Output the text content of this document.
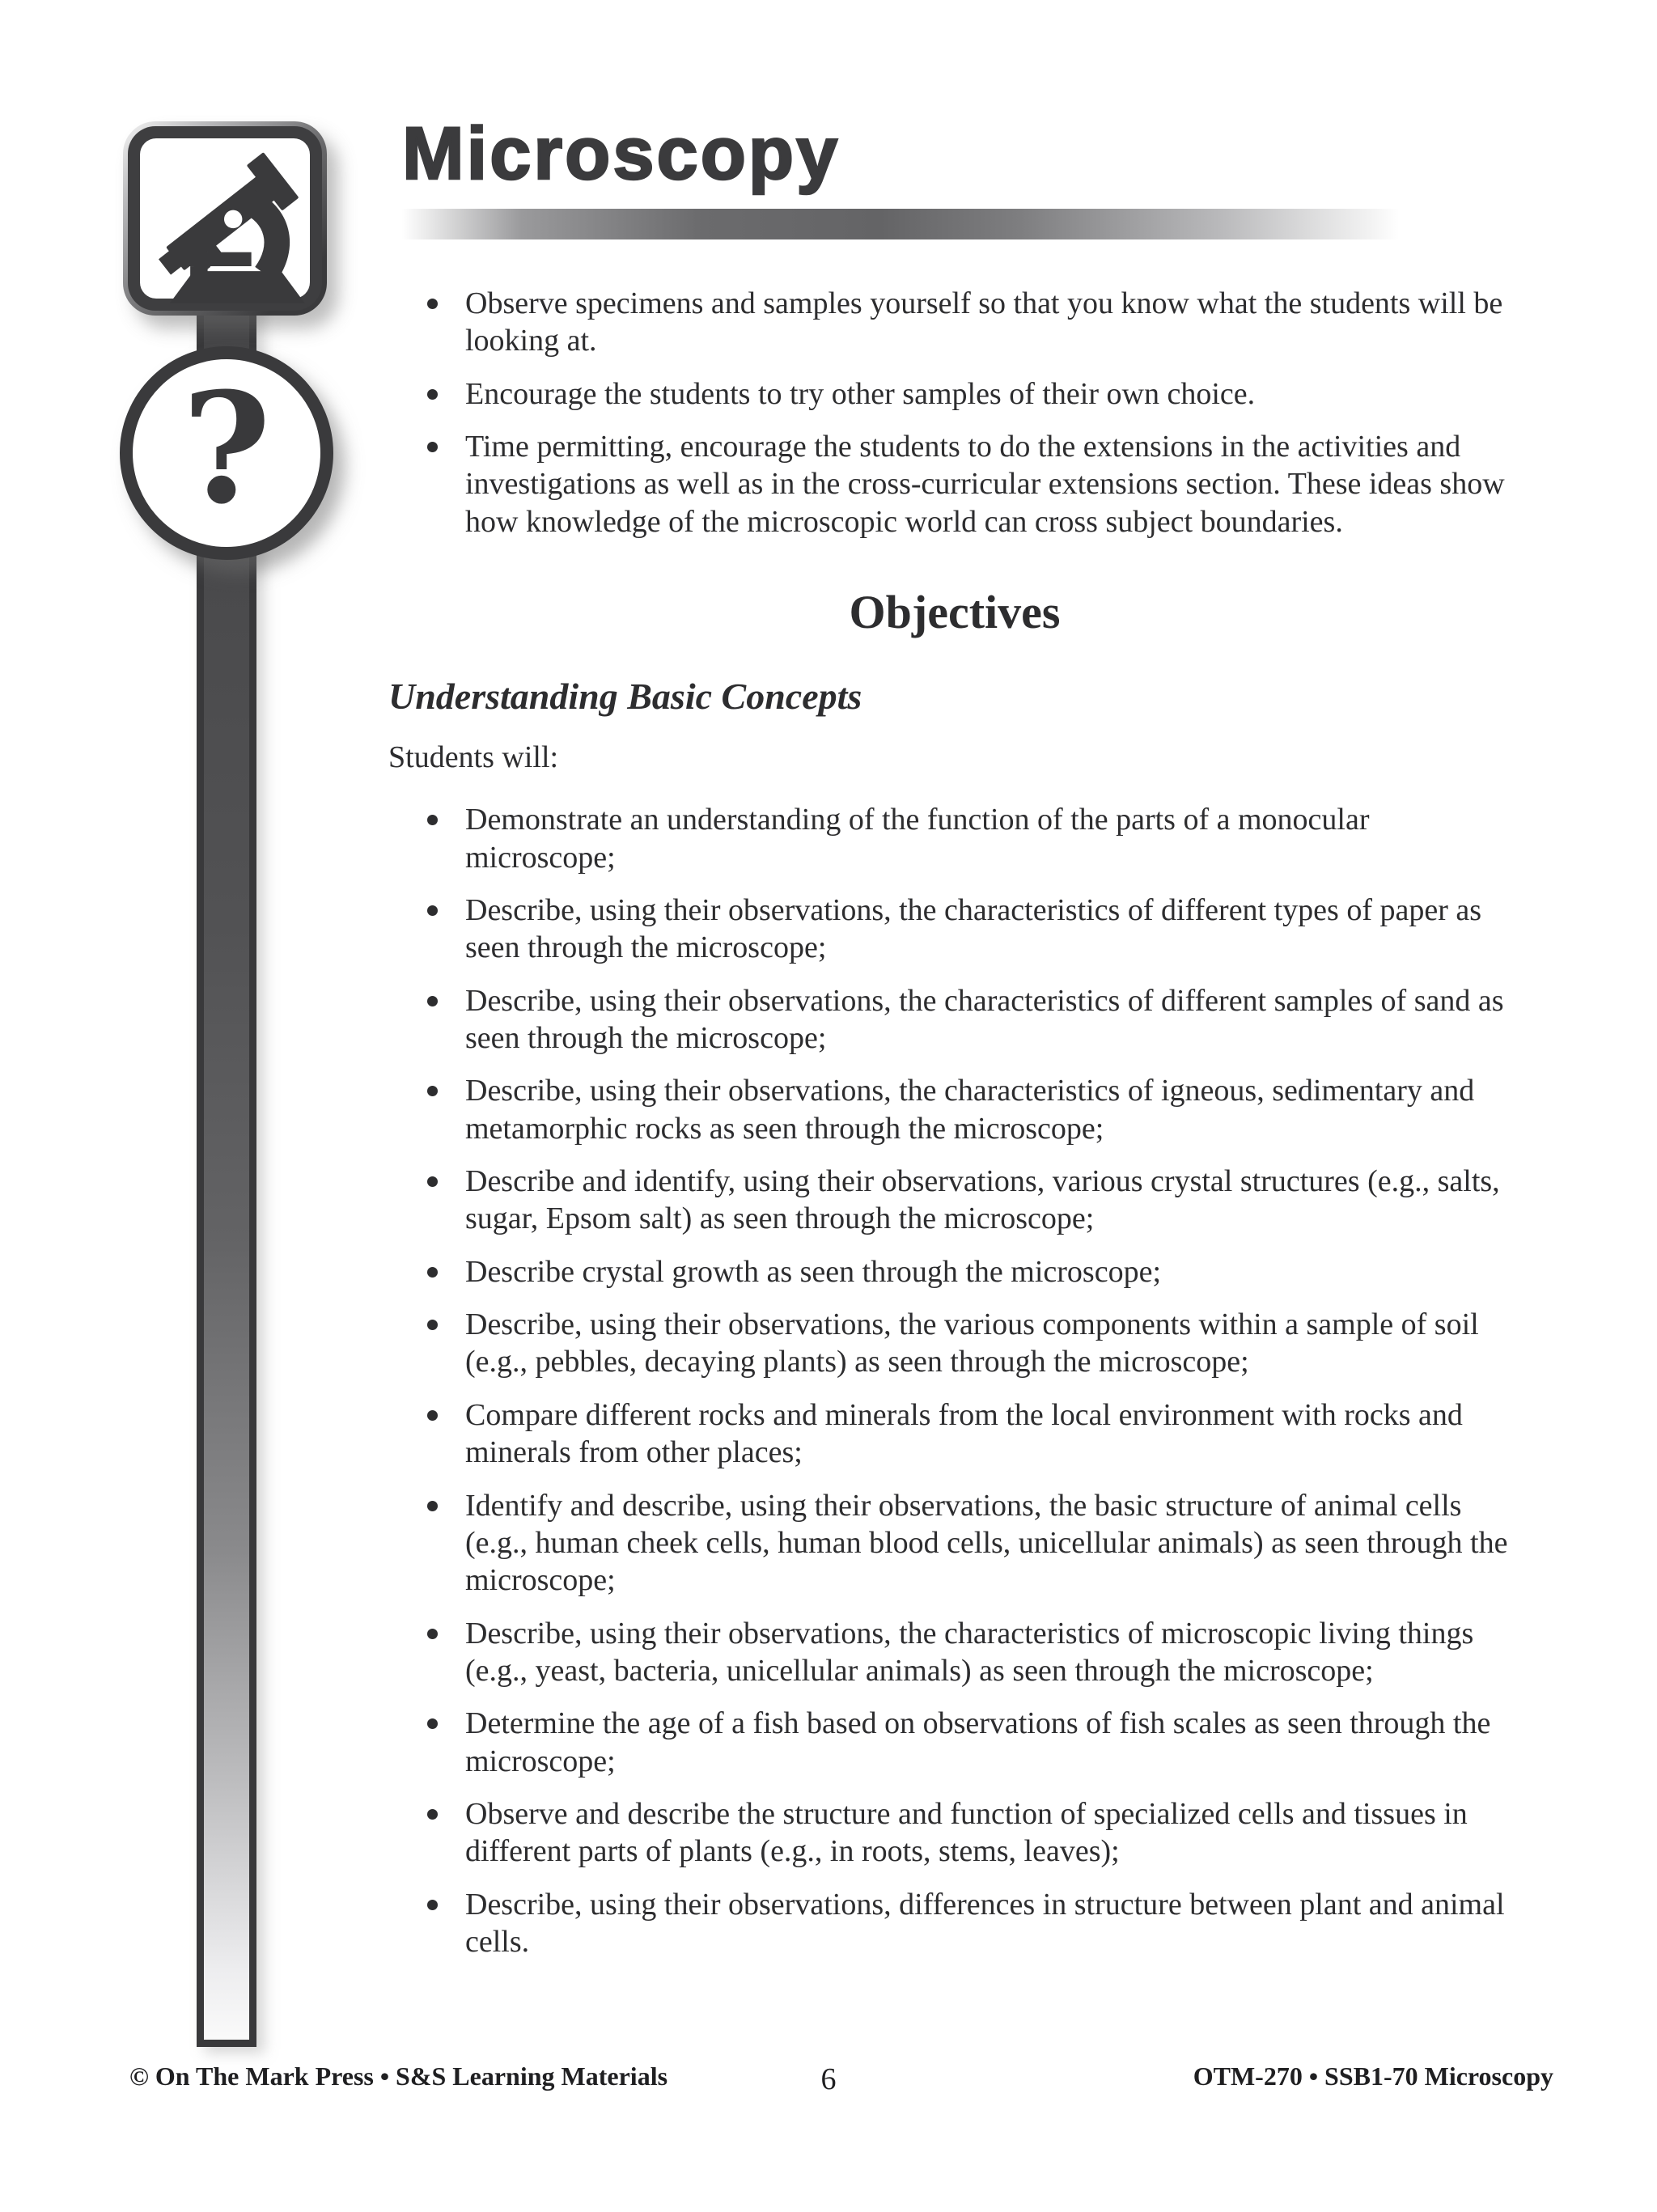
?
Microscopy
Observe specimens and samples yourself so that you know what the students will be looking at.
Encourage the students to try other samples of their own choice.
Time permitting, encourage the students to do the extensions in the activities and investigations as well as in the cross-curricular extensions section. These ideas show how knowledge of the microscopic world can cross subject boundaries.
Objectives
Understanding Basic Concepts

Students will:

Demonstrate an understanding of the function of the parts of a monocular microscope;
Describe, using their observations, the characteristics of different types of paper as seen through the microscope;
Describe, using their observations, the characteristics of different samples of sand as seen through the microscope;
Describe, using their observations, the characteristics of igneous, sedimentary and metamorphic rocks as seen through the microscope;
Describe and identify, using their observations, various crystal structures (e.g., salts, sugar, Epsom salt) as seen through the microscope;
Describe crystal growth as seen through the microscope;
Describe, using their observations, the various components within a sample of soil (e.g., pebbles, decaying plants) as seen through the microscope;
Compare different rocks and minerals from the local environment with rocks and minerals from other places;
Identify and describe, using their observations, the basic structure of animal cells (e.g., human cheek cells, human blood cells, unicellular animals) as seen through the microscope;
Describe, using their observations, the characteristics of microscopic living things (e.g., yeast, bacteria, unicellular animals) as seen through the microscope;
Determine the age of a fish based on observations of fish scales as seen through the microscope;
Observe and describe the structure and function of specialized cells and tissues in different parts of plants (e.g., in roots, stems, leaves);
Describe, using their observations, differences in structure between plant and animal cells.
© On The Mark Press • S&S Learning Materials	6	OTM-270 • SSB1-70 Microscopy
